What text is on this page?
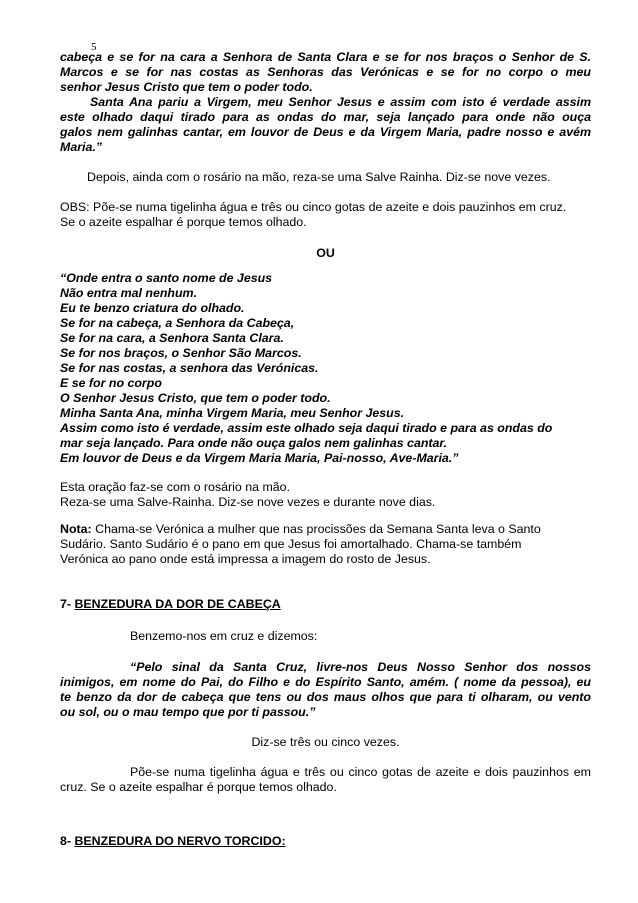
5
cabeça e se for na cara a Senhora de Santa Clara e se for nos braços o Senhor de S.
Marcos e se for nas costas as Senhoras das Verónicas e se for no corpo o meu
senhor Jesus Cristo que tem o poder todo.
Santa Ana pariu a Virgem, meu Senhor Jesus e assim com isto é verdade assim
este olhado daqui tirado para as ondas do mar, seja lançado para onde não ouça
galos nem galinhas cantar, em louvor de Deus e da Virgem Maria, padre nosso e avém
Maria.”
Depois, ainda com o rosário na mão, reza-se uma Salve Rainha. Diz-se nove vezes.
OBS: Põe-se numa tigelinha água e três ou cinco gotas de azeite e dois pauzinhos em cruz.
Se o azeite espalhar é porque temos olhado.
OU
“Onde entra o santo nome de Jesus
Não entra mal nenhum.
Eu te benzo criatura do olhado.
Se for na cabeça, a Senhora da Cabeça,
Se for na cara, a Senhora Santa Clara.
Se for nos braços, o Senhor São Marcos.
Se for nas costas, a senhora das Verónicas.
E se for no corpo
O Senhor Jesus Cristo, que tem o poder todo.
Minha Santa Ana, minha Virgem Maria, meu Senhor Jesus.
Assim como isto é verdade, assim este olhado seja daqui tirado e para as ondas do
mar seja lançado. Para onde não ouça galos nem galinhas cantar.
Em louvor de Deus e da Virgem Maria Maria, Pai-nosso, Ave-Maria.”
Esta oração faz-se com o rosário na mão.
Reza-se uma Salve-Rainha. Diz-se nove vezes e durante nove dias.
Nota: Chama-se Verónica a mulher que nas procissões da Semana Santa leva o Santo
Sudário. Santo Sudário é o pano em que Jesus foi amortalhado. Chama-se também
Verónica ao pano onde está impressa a imagem do rosto de Jesus.
7- BENZEDURA DA DOR DE CABEÇA
Benzemo-nos em cruz e dizemos:
“Pelo sinal da Santa Cruz, livre-nos Deus Nosso Senhor dos nossos
inimigos, em nome do Pai, do Filho e do Espírito Santo, amém. ( nome da pessoa), eu
te benzo da dor de cabeça que tens ou dos maus olhos que para ti olharam, ou vento
ou sol, ou o mau tempo que por ti passou.”
Diz-se três ou cinco vezes.
Põe-se numa tigelinha água e três ou cinco gotas de azeite e dois pauzinhos em
cruz. Se o azeite espalhar é porque temos olhado.
8- BENZEDURA DO NERVO TORCIDO:
